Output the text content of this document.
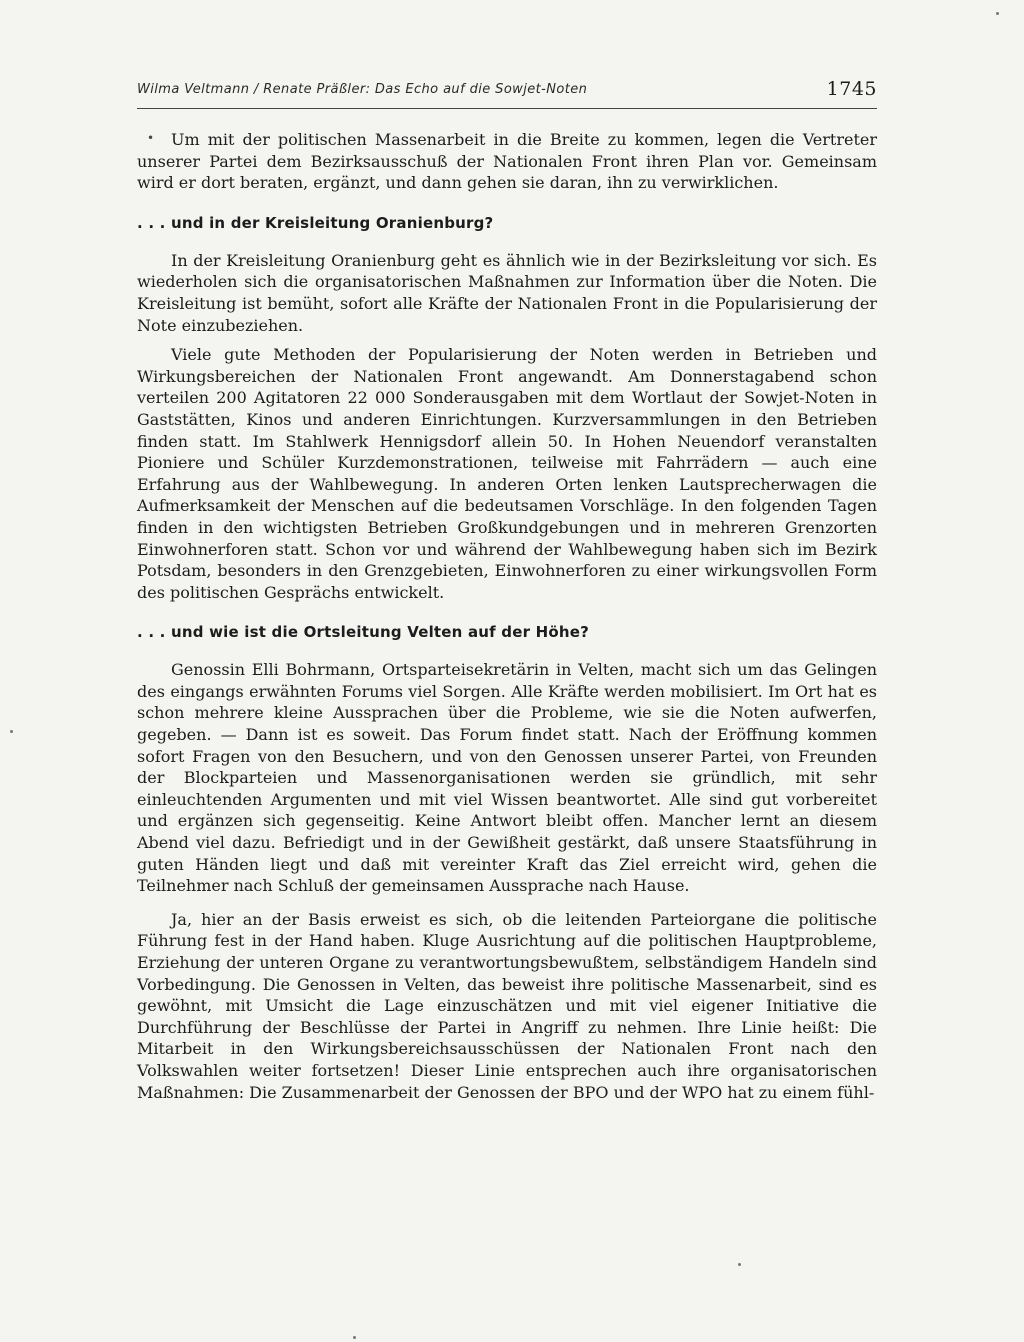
Wilma Veltmann / Renate Präßler: Das Echo auf die Sowjet-Noten	1745
•	Um mit der politischen Massenarbeit in die Breite zu kommen, legen die Vertreter unserer Partei dem Bezirksausschuß der Nationalen Front ihren Plan vor. Gemeinsam wird er dort beraten, ergänzt, und dann gehen sie daran, ihn zu verwirklichen.

. . . und in der Kreisleitung Oranienburg?

In der Kreisleitung Oranienburg geht es ähnlich wie in der Bezirksleitung vor sich. Es wiederholen sich die organisatorischen Maßnahmen zur Information über die Noten. Die Kreisleitung ist bemüht, sofort alle Kräfte der Nationalen Front in die Popularisierung der Note einzubeziehen.

Viele gute Methoden der Popularisierung der Noten werden in Betrieben und Wirkungsbereichen der Nationalen Front angewandt. Am Donnerstagabend schon verteilen 200 Agitatoren 22 000 Sonderausgaben mit dem Wortlaut der Sowjet-Noten in Gaststätten, Kinos und anderen Einrichtungen. Kurzversammlungen in den Betrieben finden statt. Im Stahlwerk Hennigsdorf allein 50. In Hohen Neuendorf veranstalten Pioniere und Schüler Kurzdemonstrationen, teilweise mit Fahrrädern — auch eine Erfahrung aus der Wahlbewegung. In anderen Orten lenken Lautsprecherwagen die Aufmerksamkeit der Menschen auf die bedeutsamen Vorschläge. In den folgenden Tagen finden in den wichtigsten Betrieben Großkundgebungen und in mehreren Grenzorten Einwohnerforen statt. Schon vor und während der Wahlbewegung haben sich im Bezirk Potsdam, besonders in den Grenzgebieten, Einwohnerforen zu einer wirkungsvollen Form des politischen Gesprächs entwickelt.

. . . und wie ist die Ortsleitung Velten auf der Höhe?

Genossin Elli Bohrmann, Ortsparteisekretärin in Velten, macht sich um das Gelingen des eingangs erwähnten Forums viel Sorgen. Alle Kräfte werden mobilisiert. Im Ort hat es schon mehrere kleine Aussprachen über die Probleme, wie sie die Noten aufwerfen, gegeben. — Dann ist es soweit. Das Forum findet statt. Nach der Eröffnung kommen sofort Fragen von den Besuchern, und von den Genossen unserer Partei, von Freunden der Blockparteien und Massenorganisationen werden sie gründlich, mit sehr einleuchtenden Argumenten und mit viel Wissen beantwortet. Alle sind gut vorbereitet und ergänzen sich gegenseitig. Keine Antwort bleibt offen. Mancher lernt an diesem Abend viel dazu. Befriedigt und in der Gewißheit gestärkt, daß unsere Staatsführung in guten Händen liegt und daß mit vereinter Kraft das Ziel erreicht wird, gehen die Teilnehmer nach Schluß der gemeinsamen Aussprache nach Hause.

Ja, hier an der Basis erweist es sich, ob die leitenden Parteiorgane die politische Führung fest in der Hand haben. Kluge Ausrichtung auf die politischen Hauptprobleme, Erziehung der unteren Organe zu verantwortungsbewußtem, selbständigem Handeln sind Vorbedingung. Die Genossen in Velten, das beweist ihre politische Massenarbeit, sind es gewöhnt, mit Umsicht die Lage einzuschätzen und mit viel eigener Initiative die Durchführung der Beschlüsse der Partei in Angriff zu nehmen. Ihre Linie heißt: Die Mitarbeit in den Wirkungsbereichsausschüssen der Nationalen Front nach den Volkswahlen weiter fortsetzen! Dieser Linie entsprechen auch ihre organisatorischen Maßnahmen: Die Zusammenarbeit der Genossen der BPO und der WPO hat zu einem fühl-
